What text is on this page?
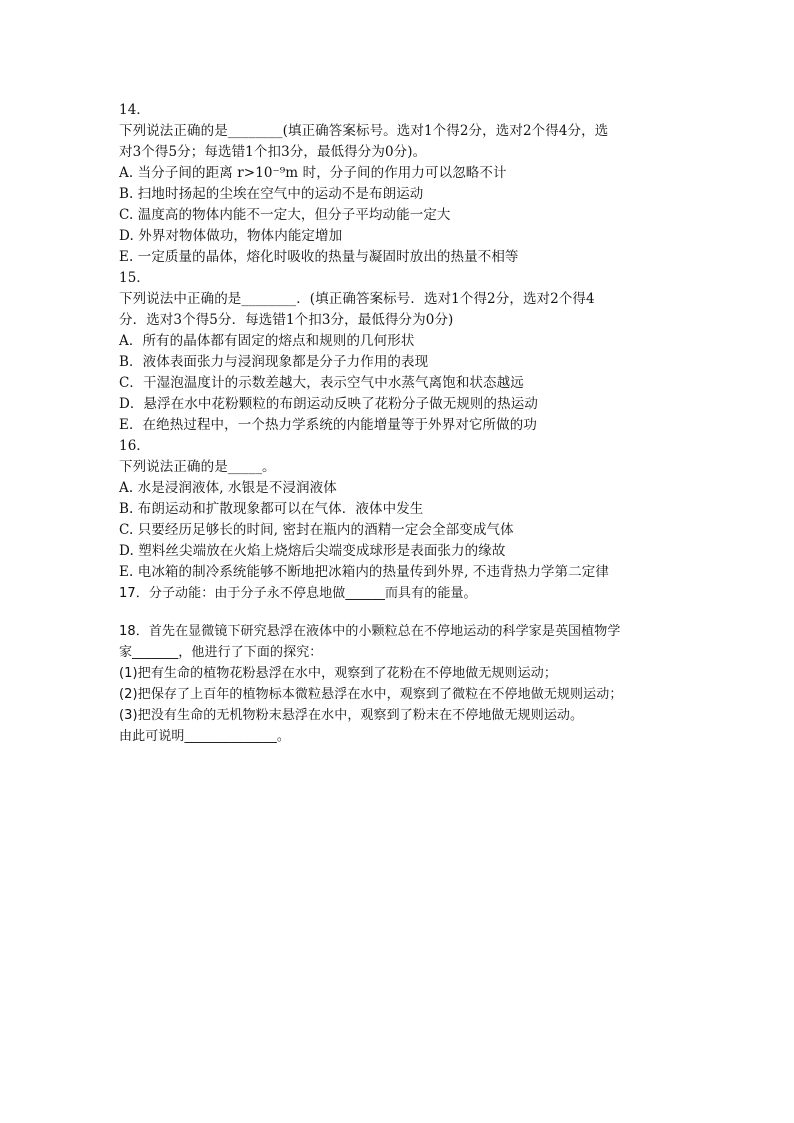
14．
下列说法正确的是________(填正确答案标号。选对1个得2分，选对2个得4分，选
对3个得5分；每选错1个扣3分，最低得分为0分)。
A. 当分子间的距离 r>10⁻⁹m 时，分子间的作用力可以忽略不计
B. 扫地时扬起的尘埃在空气中的运动不是布朗运动
C. 温度高的物体内能不一定大，但分子平均动能一定大
D. 外界对物体做功，物体内能定增加
E. 一定质量的晶体，熔化时吸收的热量与凝固时放出的热量不相等
15．
下列说法中正确的是________．(填正确答案标号．选对1个得2分，选对2个得4
分．选对3个得5分．每选错1个扣3分，最低得分为0分)
A．所有的晶体都有固定的熔点和规则的几何形状
B．液体表面张力与浸润现象都是分子力作用的表现
C．干湿泡温度计的示数差越大，表示空气中水蒸气离饱和状态越远
D．悬浮在水中花粉颗粒的布朗运动反映了花粉分子做无规则的热运动
E．在绝热过程中，一个热力学系统的内能增量等于外界对它所做的功
16．
下列说法正确的是_____。
A. 水是浸润液体, 水银是不浸润液体
B. 布朗运动和扩散现象都可以在气体．液体中发生
C. 只要经历足够长的时间, 密封在瓶内的酒精一定会全部变成气体
D. 塑料丝尖端放在火焰上烧熔后尖端变成球形是表面张力的缘故
E. 电冰箱的制冷系统能够不断地把冰箱内的热量传到外界, 不违背热力学第二定律
17．分子动能：由于分子永不停息地做______而具有的能量。
18．首先在显微镜下研究悬浮在液体中的小颗粒总在不停地运动的科学家是英国植物学
家_______，他进行了下面的探究：
(1)把有生命的植物花粉悬浮在水中，观察到了花粉在不停地做无规则运动；
(2)把保存了上百年的植物标本微粒悬浮在水中，观察到了微粒在不停地做无规则运动；
(3)把没有生命的无机物粉末悬浮在水中，观察到了粉末在不停地做无规则运动。
由此可说明______________。
